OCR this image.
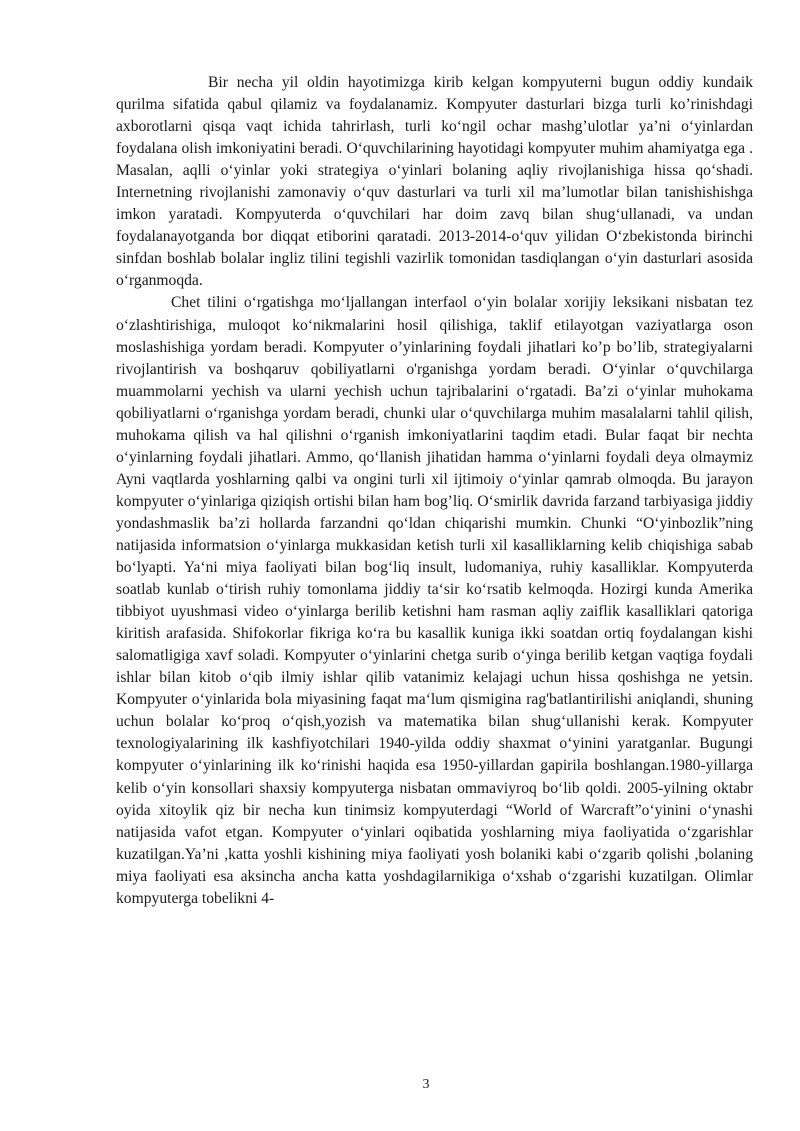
Bir necha yil oldin hayotimizga kirib kelgan kompyuterni bugun oddiy kundaik qurilma sifatida qabul qilamiz va foydalanamiz. Kompyuter dasturlari bizga turli ko’rinishdagi axborotlarni qisqa vaqt ichida tahrirlash, turli ko‘ngil ochar mashg’ulotlar ya’ni o‘yinlardan foydalana olish imkoniyatini beradi. O‘quvchilarining hayotidagi kompyuter muhim ahamiyatga ega . Masalan, aqlli o‘yinlar yoki strategiya o‘yinlari bolaning aqliy rivojlanishiga hissa qo‘shadi. Internetning rivojlanishi zamonaviy o‘quv dasturlari va turli xil ma’lumotlar bilan tanishishishga imkon yaratadi. Kompyuterda o‘quvchilari har doim zavq bilan shug‘ullanadi, va undan foydalanayotganda bor diqqat etiborini qaratadi. 2013-2014-o‘quv yilidan O‘zbekistonda birinchi sinfdan boshlab bolalar ingliz tilini tegishli vazirlik tomonidan tasdiqlangan o‘yin dasturlari asosida o‘rganmoqda.

Chet tilini o‘rgatishga mo‘ljallangan interfaol o‘yin bolalar xorijiy leksikani nisbatan tez o‘zlashtirishiga, muloqot ko‘nikmalarini hosil qilishiga, taklif etilayotgan vaziyatlarga oson moslashishiga yordam beradi. Kompyuter o’yinlarining foydali jihatlari ko’p bo’lib, strategiyalarni rivojlantirish va boshqaruv qobiliyatlarni o'rganishga yordam beradi. O‘yinlar o‘quvchilarga muammolarni yechish va ularni yechish uchun tajribalarini o‘rgatadi. Ba’zi o‘yinlar muhokama qobiliyatlarni o‘rganishga yordam beradi, chunki ular o‘quvchilarga muhim masalalarni tahlil qilish, muhokama qilish va hal qilishni o‘rganish imkoniyatlarini taqdim etadi. Bular faqat bir nechta o‘yinlarning foydali jihatlari. Ammo, qo‘llanish jihatidan hamma o‘yinlarni foydali deya olmaymiz Ayni vaqtlarda yoshlarning qalbi va ongini turli xil ijtimoiy o‘yinlar qamrab olmoqda. Bu jarayon kompyuter o‘yinlariga qiziqish ortishi bilan ham bog’liq. O‘smirlik davrida farzand tarbiyasiga jiddiy yondashmaslik ba’zi hollarda farzandni qo‘ldan chiqarishi mumkin. Chunki “O‘yinbozlik”ning natijasida informatsion o‘yinlarga mukkasidan ketish turli xil kasalliklarning kelib chiqishiga sabab bo‘lyapti. Ya‘ni miya faoliyati bilan bog‘liq insult, ludomaniya, ruhiy kasalliklar. Kompyuterda soatlab kunlab o‘tirish ruhiy tomonlama jiddiy ta‘sir ko‘rsatib kelmoqda. Hozirgi kunda Amerika tibbiyot uyushmasi video o‘yinlarga berilib ketishni ham rasman aqliy zaiflik kasalliklari qatoriga kiritish arafasida. Shifokorlar fikriga ko‘ra bu kasallik kuniga ikki soatdan ortiq foydalangan kishi salomatligiga xavf soladi. Kompyuter o‘yinlarini chetga surib o‘yinga berilib ketgan vaqtiga foydali ishlar bilan kitob o‘qib ilmiy ishlar qilib vatanimiz kelajagi uchun hissa qoshishga ne yetsin. Kompyuter o‘yinlarida bola miyasining faqat ma‘lum qismigina rag'batlantirilishi aniqlandi, shuning uchun bolalar ko‘proq o‘qish,yozish va matematika bilan shug‘ullanishi kerak. Kompyuter texnologiyalarining ilk kashfiyotchilari 1940-yilda oddiy shaxmat o‘yinini yaratganlar. Bugungi kompyuter o‘yinlarining ilk ko‘rinishi haqida esa 1950-yillardan gapirila boshlangan.1980-yillarga kelib o‘yin konsollari shaxsiy kompyuterga nisbatan ommaviyroq bo‘lib qoldi. 2005-yilning oktabr oyida xitoylik qiz bir necha kun tinimsiz kompyuterdagi “World of Warcraft”o‘yinini o‘ynashi natijasida vafot etgan. Kompyuter o‘yinlari oqibatida yoshlarning miya faoliyatida o‘zgarishlar kuzatilgan.Ya’ni ,katta yoshli kishining miya faoliyati yosh bolaniki kabi o‘zgarib qolishi ,bolaning miya faoliyati esa aksincha ancha katta yoshdagilarnikiga o‘xshab o‘zgarishi kuzatilgan. Olimlar kompyuterga tobelikni 4-

3
